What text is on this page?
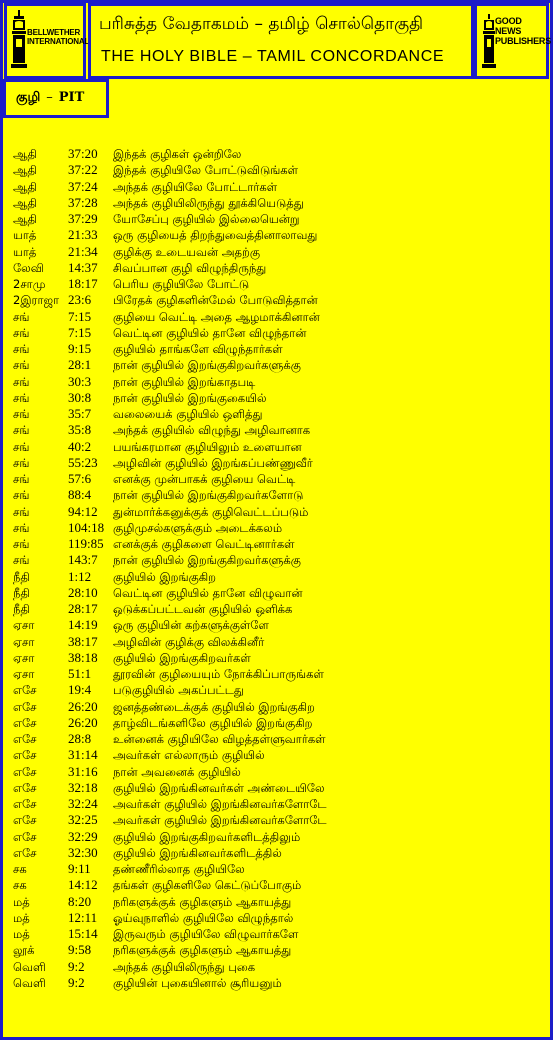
BELLWETHER INTERNATIONAL
பரிசுத்த வேதாகமம் – தமிழ் சொல்தொகுதி
THE HOLY BIBLE – TAMIL CONCORDANCE
GOOD NEWS PUBLISHERS
குழி – PIT
ஆதி 37:20 இந்தக் குழிகள் ஒன்றிலே
ஆதி 37:22 இந்தக் குழியிலே போட்டுவிடுங்கள்
ஆதி 37:24 அந்தக் குழியிலே போட்டார்கள்
ஆதி 37:28 அந்தக் குழியிலிருந்து தூக்கியெடுத்து
ஆதி 37:29 யோசேப்பு குழியில் இல்லையென்று
யாத் 21:33 ஒரு குழியைத் திறந்துவைத்தினாலாவது
யாத் 21:34 குழிக்கு உடையவன் அதற்கு
லேவி 14:37 சிவப்பான குழி விழுந்திருந்து
2சாமு 18:17 பெரிய குழியிலே போட்டு
2இராஜா 23:6 பிரேதக் குழிகளின்மேல் போடுவித்தான்
சங்	7:15 குழியை வெட்டி அதை ஆழமாக்கினான்
சங்	7:15 வெட்டின குழியில் தானே விழுந்தான்
சங்	9:15 குழியில் தாங்களே விழுந்தார்கள்
சங்	28:1 நான் குழியில் இறங்குகிறவர்களுக்கு
சங்	30:3 நான் குழியில் இறங்காதபடி
சங்	30:8 நான் குழியில் இறங்குகையில்
சங்	35:7 வலையைக் குழியில் ஒளித்து
சங்	35:8 அந்தக் குழியில் விழுந்து அழிவானாக
சங்	40:2 பயங்கரமான குழியிலும் உளையான
சங்	55:23 அழிவின் குழியில் இறங்கப்பண்ணுவீர்
சங்	57:6 எனக்கு முன்பாகக் குழியை வெட்டி
சங்	88:4 நான் குழியில் இறங்குகிறவர்களோடு
சங்	94:12 துன்மார்க்கனுக்குக் குழிவெட்டப்படும்
சங்	104:18 குழிமுசல்களுக்கும் அடைக்கலம்
சங்	119:85 எனக்குக் குழிகளை வெட்டினார்கள்
சங்	143:7 நான் குழியில் இறங்குகிறவர்களுக்கு
நீதி	1:12 குழியில் இறங்குகிற
நீதி	28:10 வெட்டின குழியில் தானே விழுவான்
நீதி	28:17 ஒடுக்கப்பட்டவன் குழியில் ஒளிக்க
ஏசா	14:19 ஒரு குழியின் கற்களுக்குள்ளே
ஏசா	38:17 அழிவின் குழிக்கு விலக்கினீர்
ஏசா	38:18 குழியில் இறங்குகிறவர்கள்
ஏசா	51:1 தூரவின் குழியையும் நோக்கிப்பாருங்கள்
எசே 19:4 படுகுழியில் அகப்பட்டது
எசே 26:20 ஜனத்தண்டைக்குக் குழியில் இறங்குகிற
எசே 26:20 தாழ்விடங்களிலே குழியில் இறங்குகிற
எசே 28:8 உன்னைக் குழியிலே விழத்தள்ளுவார்கள்
எசே 31:14 அவர்கள் எல்லாரும் குழியில்
எசே 31:16 நான் அவனைக் குழியில்
எசே 32:18 குழியில் இறங்கினவர்கள் அண்டையிலே
எசே 32:24 அவர்கள் குழியில் இறங்கினவர்களோடே
எசே 32:25 அவர்கள் குழியில் இறங்கினவர்களோடே
எசே 32:29 குழியில் இறங்குகிறவர்களிடத்திலும்
எசே 32:30 குழியில் இறங்கினவர்களிடத்தில்
சக	9:11 தண்ணீரில்லாத குழியிலே
சக	14:12 தங்கள் குழிகளிலே கெட்டுப்போகும்
மத்	8:20 நரிகளுக்குக் குழிகளும் ஆகாயத்து
மத்	12:11 ஓய்வுநாளில் குழியிலே விழுந்தால்
மத்	15:14 இருவரும் குழியிலே விழுவார்களே
லூக்	9:58 நரிகளுக்குக் குழிகளும் ஆகாயத்து
வெளி 9:2 அந்தக் குழியிலிருந்து புகை
வெளி 9:2 குழியின் புகையினால் சூரியனும்
